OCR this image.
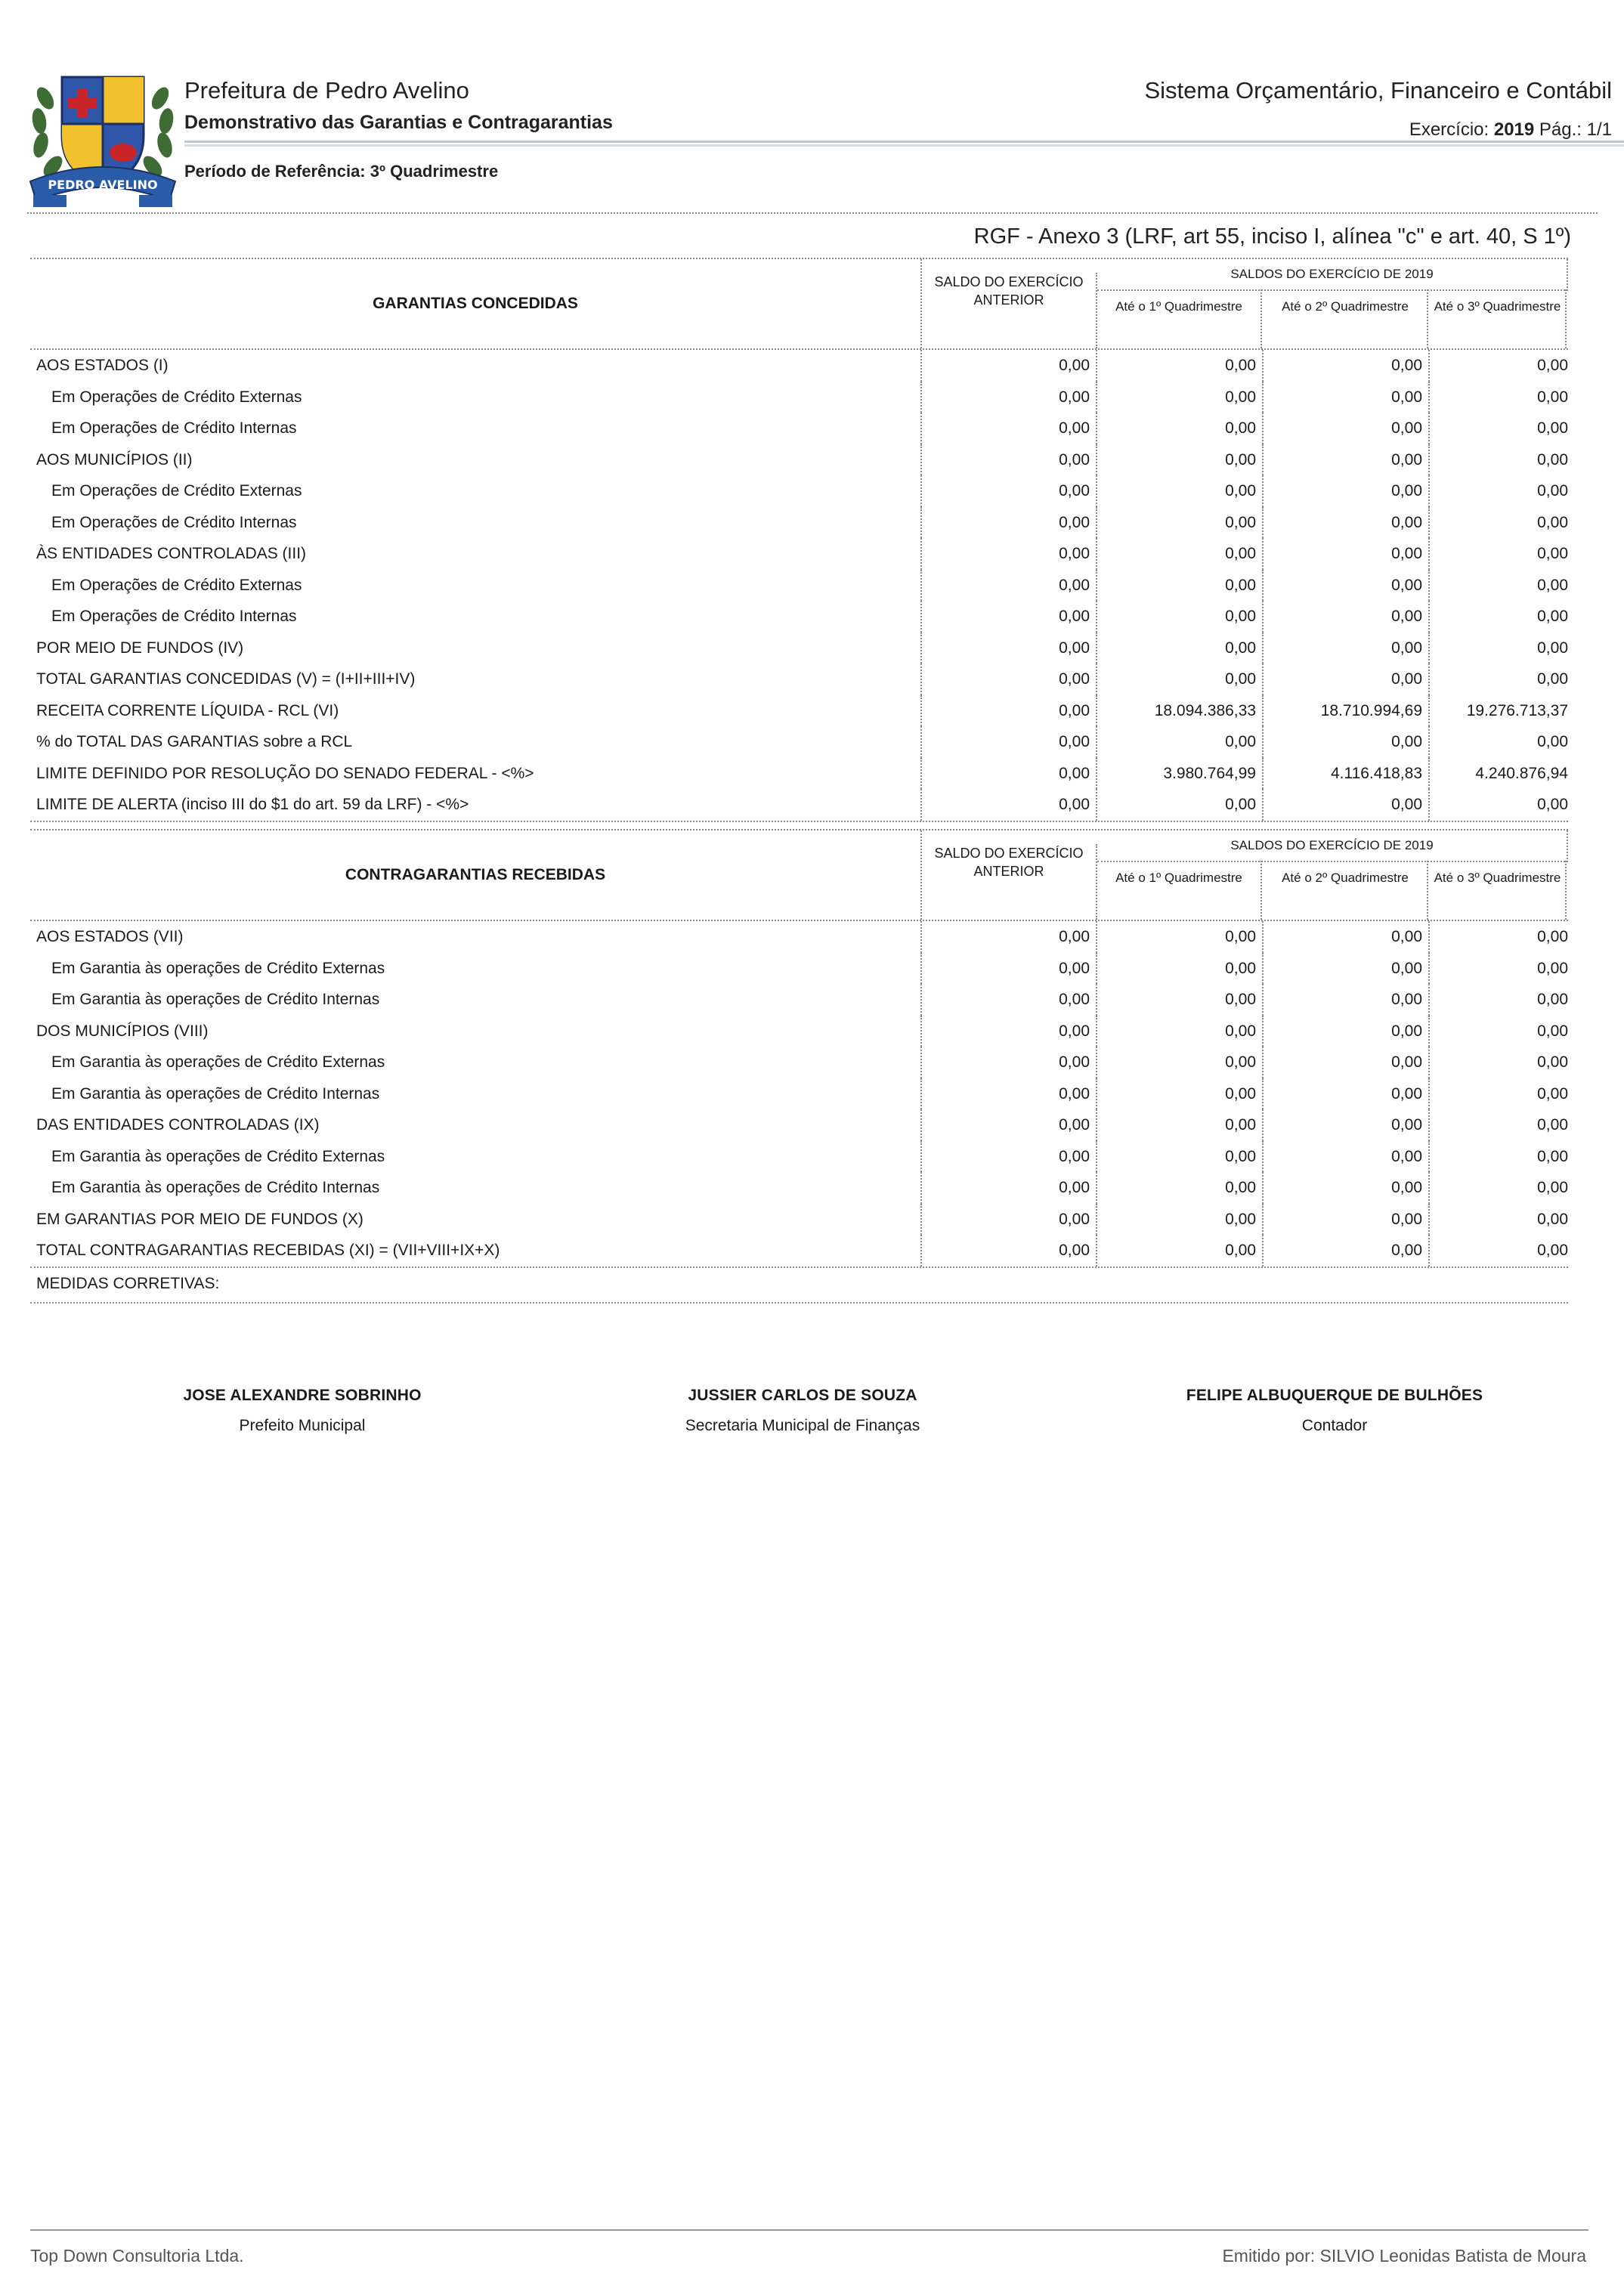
PEDRO AVELINO
Prefeitura de Pedro Avelino
Demonstrativo das Garantias e Contragarantias
Período de Referência: 3º Quadrimestre
Sistema Orçamentário, Financeiro e Contábil
Exercício: 2019 Pág.: 1/1
RGF - Anexo 3 (LRF, art 55, inciso I, alínea "c" e art. 40, S 1º)
GARANTIAS CONCEDIDAS
SALDO DO EXERCÍCIO ANTERIOR
SALDOS DO EXERCÍCIO DE 2019
Até o 1º Quadrimestre	Até o 2º Quadrimestre	Até o 3º Quadrimestre
AOS ESTADOS (I)	0,00	0,00	0,00	0,00
Em Operações de Crédito Externas	0,00	0,00	0,00	0,00
Em Operações de Crédito Internas	0,00	0,00	0,00	0,00
AOS MUNICÍPIOS (II)	0,00	0,00	0,00	0,00
Em Operações de Crédito Externas	0,00	0,00	0,00	0,00
Em Operações de Crédito Internas	0,00	0,00	0,00	0,00
ÀS ENTIDADES CONTROLADAS (III)	0,00	0,00	0,00	0,00
Em Operações de Crédito Externas	0,00	0,00	0,00	0,00
Em Operações de Crédito Internas	0,00	0,00	0,00	0,00
POR MEIO DE FUNDOS (IV)	0,00	0,00	0,00	0,00
TOTAL GARANTIAS CONCEDIDAS (V) = (I+II+III+IV)	0,00	0,00	0,00	0,00
RECEITA CORRENTE LÍQUIDA - RCL (VI)	0,00	18.094.386,33	18.710.994,69	19.276.713,37
% do TOTAL DAS GARANTIAS sobre a RCL	0,00	0,00	0,00	0,00
LIMITE DEFINIDO POR RESOLUÇÃO DO SENADO FEDERAL - <%>	0,00	3.980.764,99	4.116.418,83	4.240.876,94
LIMITE DE ALERTA (inciso III do $1 do art. 59 da LRF) - <%>	0,00	0,00	0,00	0,00
CONTRAGARANTIAS RECEBIDAS
SALDO DO EXERCÍCIO ANTERIOR
SALDOS DO EXERCÍCIO DE 2019
Até o 1º Quadrimestre	Até o 2º Quadrimestre	Até o 3º Quadrimestre
AOS ESTADOS (VII)	0,00	0,00	0,00	0,00
Em Garantia às operações de Crédito Externas	0,00	0,00	0,00	0,00
Em Garantia às operações de Crédito Internas	0,00	0,00	0,00	0,00
DOS MUNICÍPIOS (VIII)	0,00	0,00	0,00	0,00
Em Garantia às operações de Crédito Externas	0,00	0,00	0,00	0,00
Em Garantia às operações de Crédito Internas	0,00	0,00	0,00	0,00
DAS ENTIDADES CONTROLADAS (IX)	0,00	0,00	0,00	0,00
Em Garantia às operações de Crédito Externas	0,00	0,00	0,00	0,00
Em Garantia às operações de Crédito Internas	0,00	0,00	0,00	0,00
EM GARANTIAS POR MEIO DE FUNDOS (X)	0,00	0,00	0,00	0,00
TOTAL CONTRAGARANTIAS RECEBIDAS (XI) = (VII+VIII+IX+X)	0,00	0,00	0,00	0,00
MEDIDAS CORRETIVAS:
JOSE ALEXANDRE SOBRINHO
Prefeito Municipal
JUSSIER CARLOS DE SOUZA
Secretaria Municipal de Finanças
FELIPE ALBUQUERQUE DE BULHÕES
Contador
Top Down Consultoria Ltda.	Emitido por: SILVIO Leonidas Batista de Moura
